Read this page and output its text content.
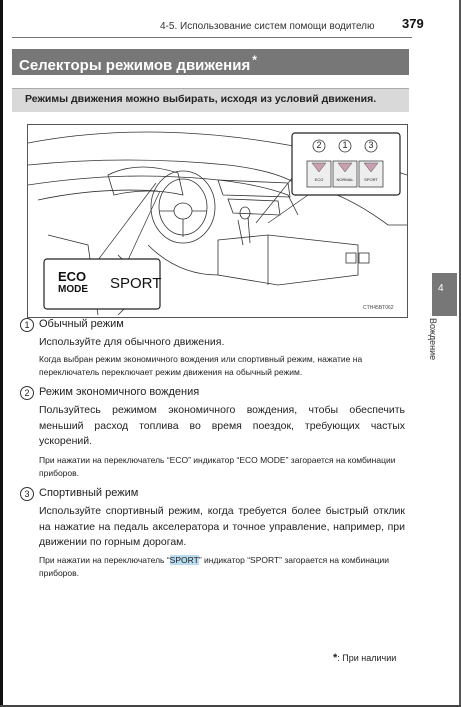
4-5. Использование систем помощи водителю 379
Селекторы режимов движения *
Режимы движения можно выбирать, исходя из условий движения.
ECO
MODE SPORT
2 1 3
ECO	NORMAL	SPORT
CTH45BT062
4
Вождение
1 Обычный режим
Используйте для обычного движения.
Когда выбран режим экономичного вождения или спортивный режим, нажатие на переключатель переключает режим движения на обычный режим.
2 Режим экономичного вождения
Пользуйтесь режимом экономичного вождения, чтобы обеспечить меньший расход топлива во время поездок, требующих частых ускорений.
При нажатии на переключатель “ECO” индикатор “ECO MODE” загорается на комбинации приборов.
3 Спортивный режим
Используйте спортивный режим, когда требуется более быстрый отклик на нажатие на педаль акселератора и точное управление, например, при движении по горным дорогам.
При нажатии на переключатель “SPORT” индикатор “SPORT” загорается на комбинации приборов.
*: При наличии
